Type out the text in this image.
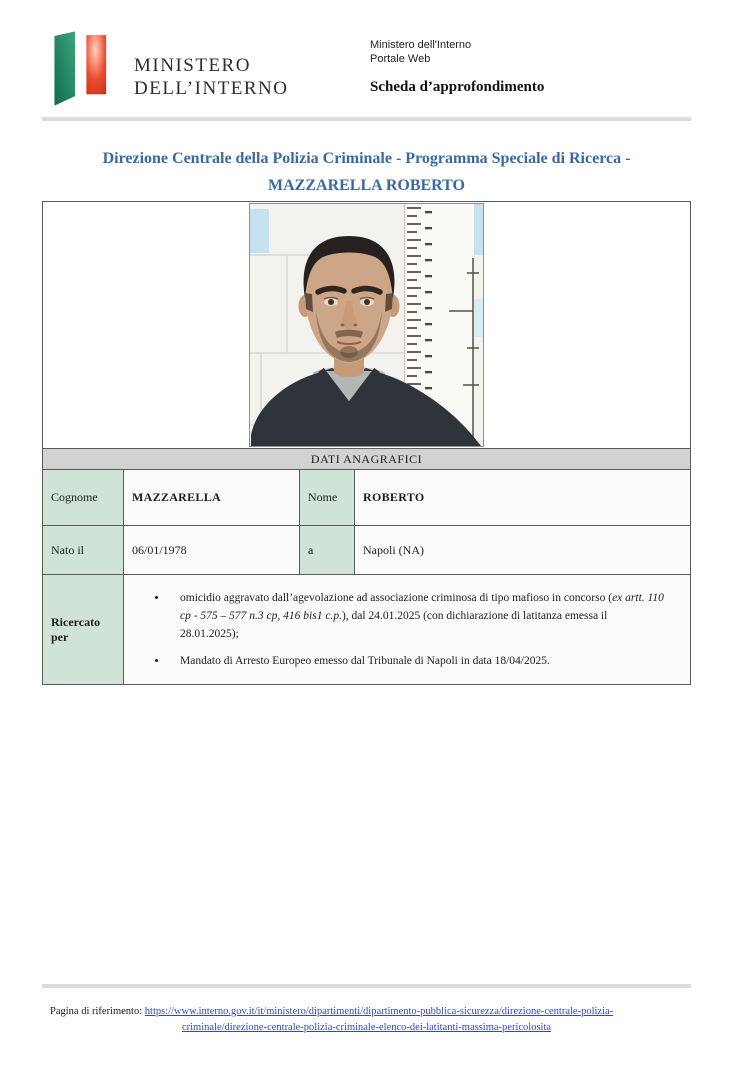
MINISTERO
DELL’INTERNO
Ministero dell'Interno
Portale Web
Scheda d’approfondimento
Direzione Centrale della Polizia Criminale - Programma Speciale di Ricerca -
MAZZARELLA ROBERTO

DATI ANAGRAFICI			
Cognome	MAZZARELLA	Nome	ROBERTO
Nato il	06/01/1978	a	Napoli (NA)
Ricercato per	
• omicidio aggravato dall’agevolazione ad associazione criminosa di tipo mafioso in concorso (ex artt. 110 cp - 575 – 577 n.3 cp, 416 bis1 c.p.), dal 24.01.2025 (con dichiarazione di latitanza emessa il 28.01.2025);
• Mandato di Arresto Europeo emesso dal Tribunale di Napoli in data 18/04/2025.
Pagina di riferimento: https://www.interno.gov.it/it/ministero/dipartimenti/dipartimento-pubblica-sicurezza/direzione-centrale-polizia-
criminale/direzione-centrale-polizia-criminale-elenco-dei-latitanti-massima-pericolosita
